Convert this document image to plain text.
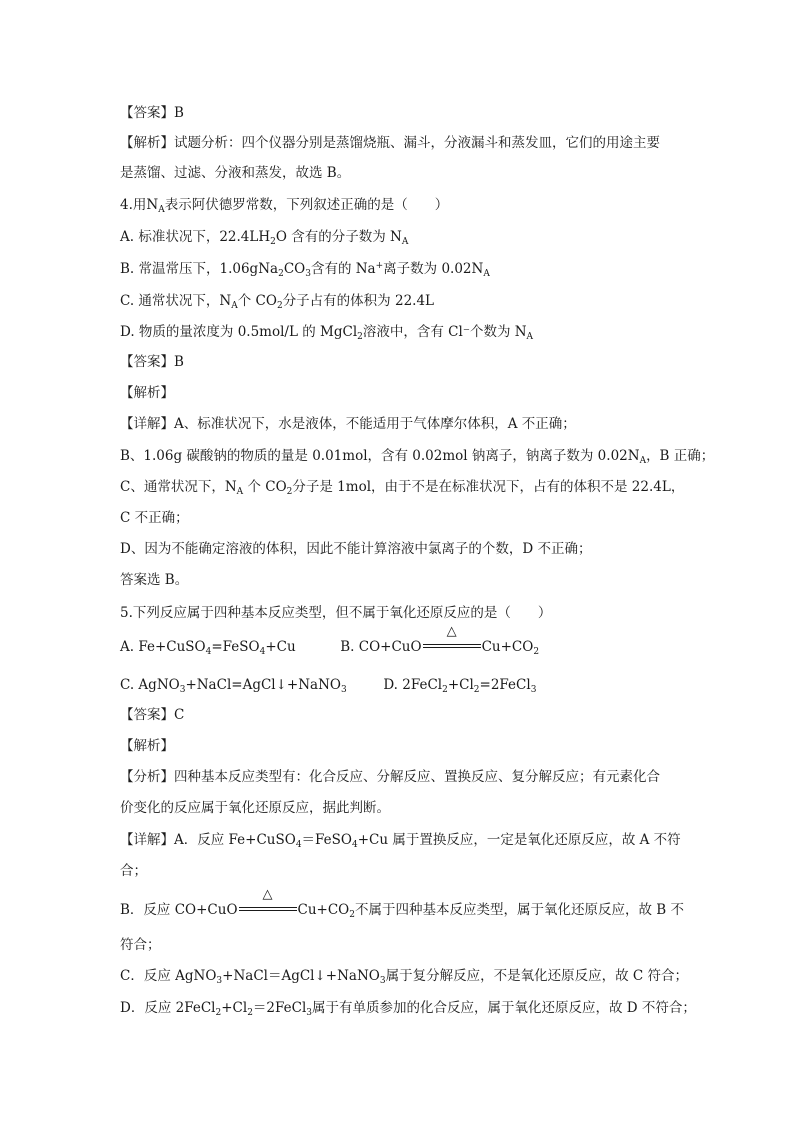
【答案】B
【解析】试题分析：四个仪器分别是蒸馏烧瓶、漏斗，分液漏斗和蒸发皿，它们的用途主要
是蒸馏、过滤、分液和蒸发，故选 B。
4.用$N_A$表示阿伏德罗常数，下列叙述正确的是（　　）
A. 标准状况下，$22.4LH_2O$ 含有的分子数为 $N_A$
B. 常温常压下，$1.06gNa_2CO_3$含有的 Na+离子数为 $0.02N_A$
C. 通常状况下，$N_A$个 $CO_2$分子占有的体积为 22.4L
D. 物质的量浓度为 0.5mol/L 的 MgCl$_2$溶液中，含有 Cl⁻个数为 $N_A$
【答案】B
【解析】
【详解】A、标准状况下，水是液体，不能适用于气体摩尔体积，A 不正确；
B、1.06g 碳酸钠的物质的量是 0.01mol，含有 0.02mol 钠离子，钠离子数为 $0.02N_A$，B 正确；
C、通常状况下，$N_A$ 个 $CO_2$分子是 1mol，由于不是在标准状况下，占有的体积不是 22.4L，
C 不正确；
D、因为不能确定溶液的体积，因此不能计算溶液中氯离子的个数，D 不正确；
答案选 B。
5.下列反应属于四种基本反应类型，但不属于氧化还原反应的是（　　）
A. Fe+CuSO$_4$=FeSO$_4$+Cu	B. CO+CuO
△
$Cu+CO_2$
C. AgNO$_3$+NaCl=AgCl↓+NaNO$_3$	D. $2FeCl_2+Cl_2=2FeCl_3$
【答案】C
【解析】
【分析】四种基本反应类型有：化合反应、分解反应、置换反应、复分解反应；有元素化合
价变化的反应属于氧化还原反应，据此判断。
【详解】A．反应 Fe+CuSO$_4$＝FeSO$_4$+Cu 属于置换反应，一定是氧化还原反应，故 A 不符
合；
B．反应 CO+CuO
△
$Cu+CO_2$不属于四种基本反应类型，属于氧化还原反应，故 B 不
符合；
C．反应 AgNO$_3$+NaCl＝AgCl↓+NaNO$_3$属于复分解反应，不是氧化还原反应，故 C 符合；
D．反应 $2FeCl_2+Cl_2=2FeCl_3$属于有单质参加的化合反应，属于氧化还原反应，故 D 不符合；
